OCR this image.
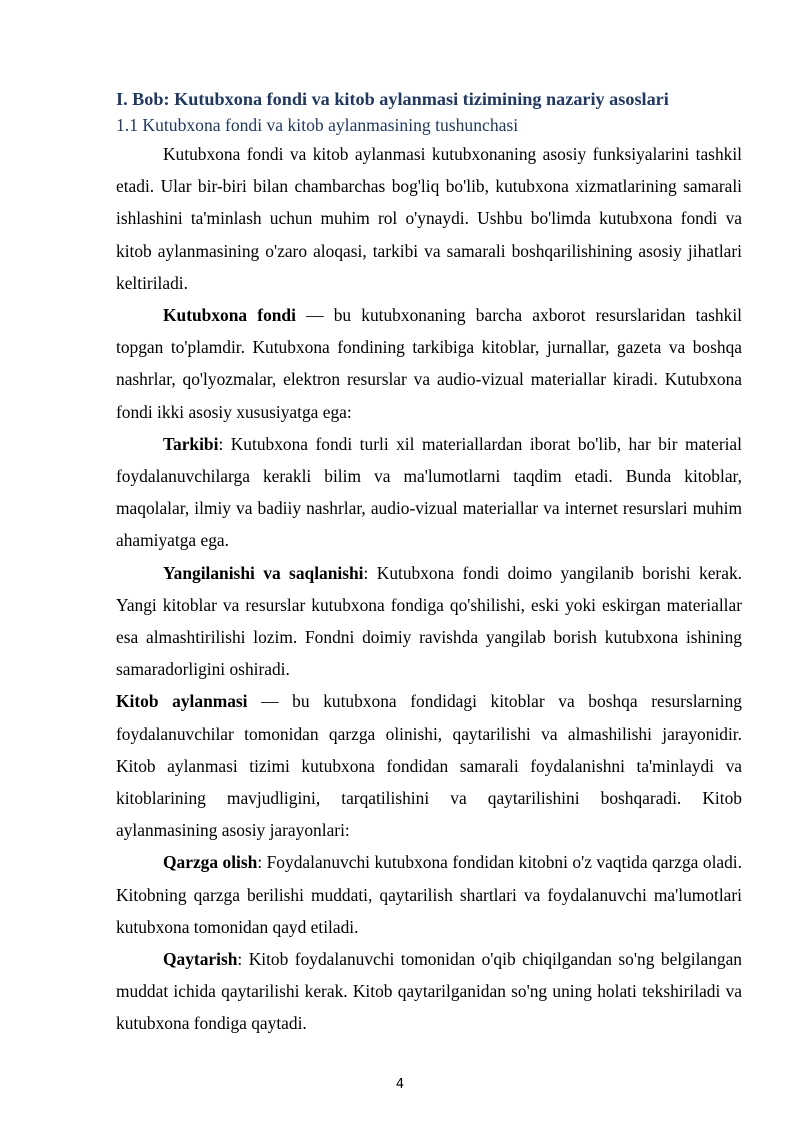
I. Bob: Kutubxona fondi va kitob aylanmasi tizimining nazariy asoslari
1.1 Kutubxona fondi va kitob aylanmasining tushunchasi

Kutubxona fondi va kitob aylanmasi kutubxonaning asosiy funksiyalarini tashkil etadi. Ular bir-biri bilan chambarchas bog'liq bo'lib, kutubxona xizmatlarining samarali ishlashini ta'minlash uchun muhim rol o'ynaydi. Ushbu bo'limda kutubxona fondi va kitob aylanmasining o'zaro aloqasi, tarkibi va samarali boshqarilishining asosiy jihatlari keltiriladi.

Kutubxona fondi — bu kutubxonaning barcha axborot resurslaridan tashkil topgan to'plamdir. Kutubxona fondining tarkibiga kitoblar, jurnallar, gazeta va boshqa nashrlar, qo'lyozmalar, elektron resurslar va audio-vizual materiallar kiradi. Kutubxona fondi ikki asosiy xususiyatga ega:

Tarkibi: Kutubxona fondi turli xil materiallardan iborat bo'lib, har bir material foydalanuvchilarga kerakli bilim va ma'lumotlarni taqdim etadi. Bunda kitoblar, maqolalar, ilmiy va badiiy nashrlar, audio-vizual materiallar va internet resurslari muhim ahamiyatga ega.

Yangilanishi va saqlanishi: Kutubxona fondi doimo yangilanib borishi kerak. Yangi kitoblar va resurslar kutubxona fondiga qo'shilishi, eski yoki eskirgan materiallar esa almashtirilishi lozim. Fondni doimiy ravishda yangilab borish kutubxona ishining samaradorligini oshiradi.

Kitob aylanmasi — bu kutubxona fondidagi kitoblar va boshqa resurslarning foydalanuvchilar tomonidan qarzga olinishi, qaytarilishi va almashilishi jarayonidir. Kitob aylanmasi tizimi kutubxona fondidan samarali foydalanishni ta'minlaydi va kitoblarining mavjudligini, tarqatilishini va qaytarilishini boshqaradi. Kitob aylanmasining asosiy jarayonlari:

Qarzga olish: Foydalanuvchi kutubxona fondidan kitobni o'z vaqtida qarzga oladi. Kitobning qarzga berilishi muddati, qaytarilish shartlari va foydalanuvchi ma'lumotlari kutubxona tomonidan qayd etiladi.

Qaytarish: Kitob foydalanuvchi tomonidan o'qib chiqilgandan so'ng belgilangan muddat ichida qaytarilishi kerak. Kitob qaytarilganidan so'ng uning holati tekshiriladi va kutubxona fondiga qaytadi.

4
